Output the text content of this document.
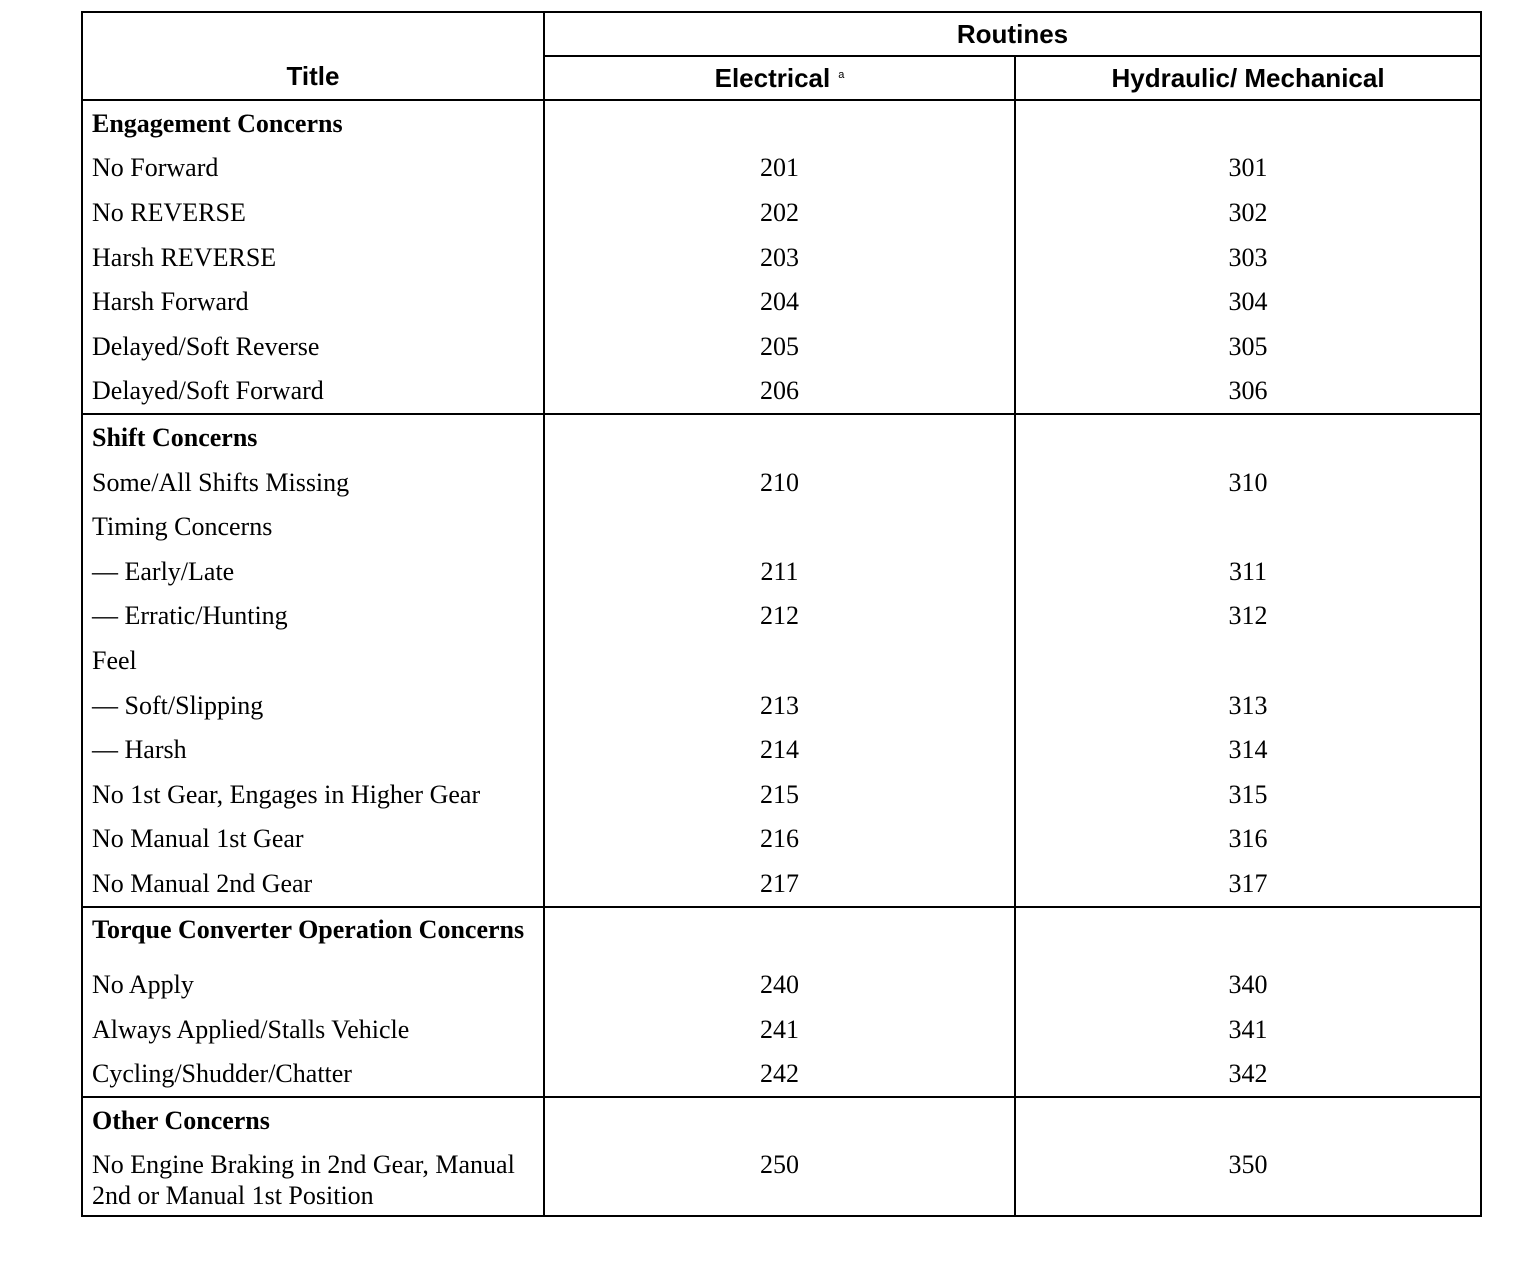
Title	Routines	
	Electrical $^a$	Hydraulic/ Mechanical
Engagement Concerns		
No Forward	201	301
No REVERSE	202	302
Harsh REVERSE	203	303
Harsh Forward	204	304
Delayed/Soft Reverse	205	305
Delayed/Soft Forward	206	306
Shift Concerns		
Some/All Shifts Missing	210	310
Timing Concerns		
— Early/Late	211	311
— Erratic/Hunting	212	312
Feel		
— Soft/Slipping	213	313
— Harsh	214	314
No 1st Gear, Engages in Higher Gear	215	315
No Manual 1st Gear	216	316
No Manual 2nd Gear	217	317
Torque Converter Operation Concerns		
No Apply	240	340
Always Applied/Stalls Vehicle	241	341
Cycling/Shudder/Chatter	242	342
Other Concerns		
No Engine Braking in 2nd Gear, Manual 2nd or Manual 1st Position	250	350
